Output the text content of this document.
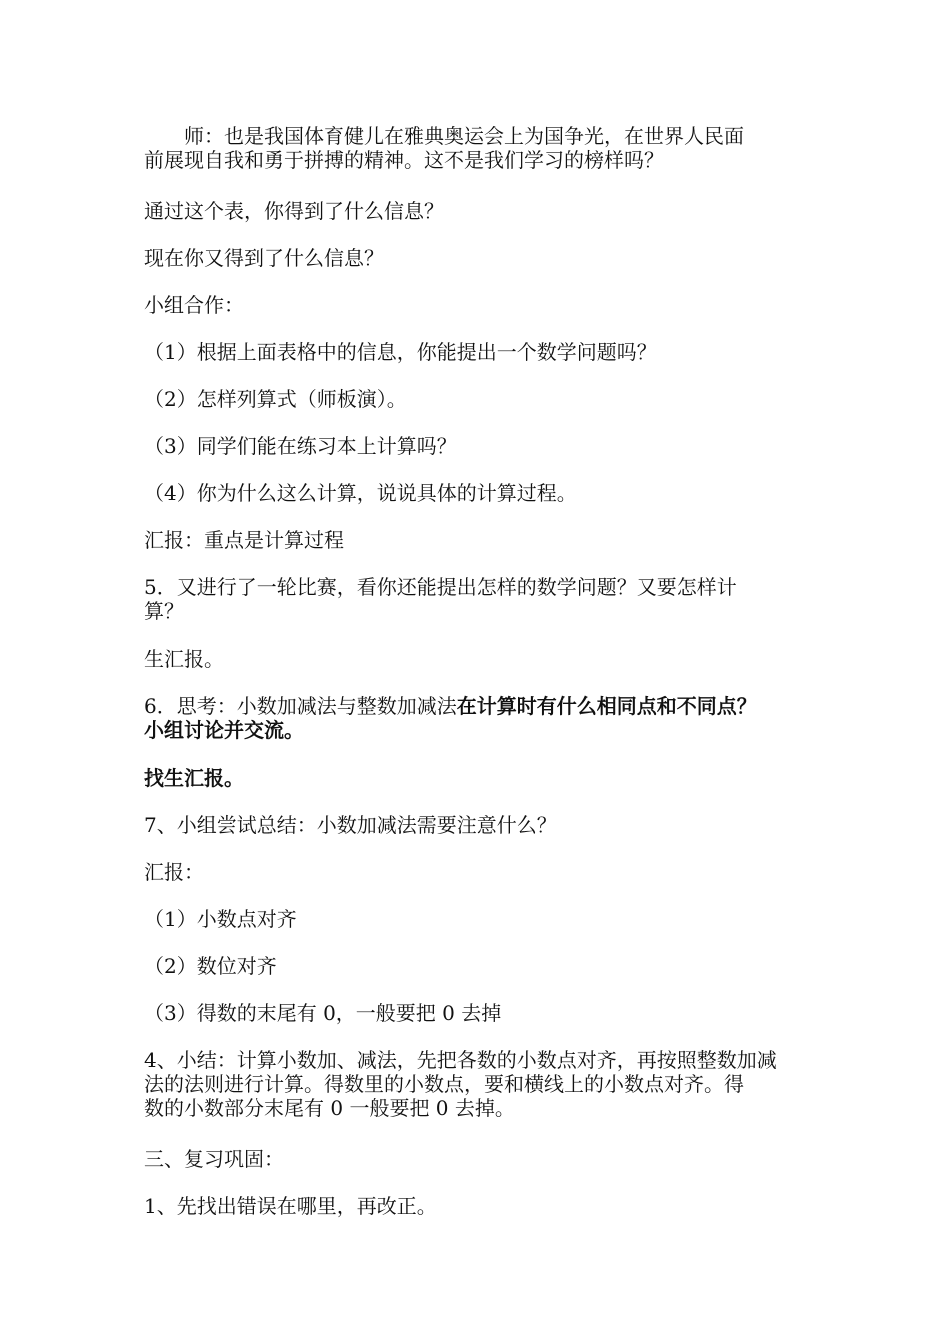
　　师：也是我国体育健儿在雅典奥运会上为国争光，在世界人民面
前展现自我和勇于拼搏的精神。这不是我们学习的榜样吗？
通过这个表，你得到了什么信息？
现在你又得到了什么信息？
小组合作：
（1）根据上面表格中的信息，你能提出一个数学问题吗？
（2）怎样列算式（师板演）。
（3）同学们能在练习本上计算吗？
（4）你为什么这么计算，说说具体的计算过程。
汇报：重点是计算过程
5．又进行了一轮比赛，看你还能提出怎样的数学问题？又要怎样计
算？
生汇报。
6．思考：小数加减法与整数加减法在计算时有什么相同点和不同点？
小组讨论并交流。
找生汇报。
7、小组尝试总结：小数加减法需要注意什么？
汇报：
（1）小数点对齐
（2）数位对齐
（3）得数的末尾有 0，一般要把 0 去掉
4、小结：计算小数加、减法，先把各数的小数点对齐，再按照整数加减
法的法则进行计算。得数里的小数点，要和横线上的小数点对齐。得
数的小数部分末尾有 0 一般要把 0 去掉。
三、复习巩固：
1、先找出错误在哪里，再改正。
